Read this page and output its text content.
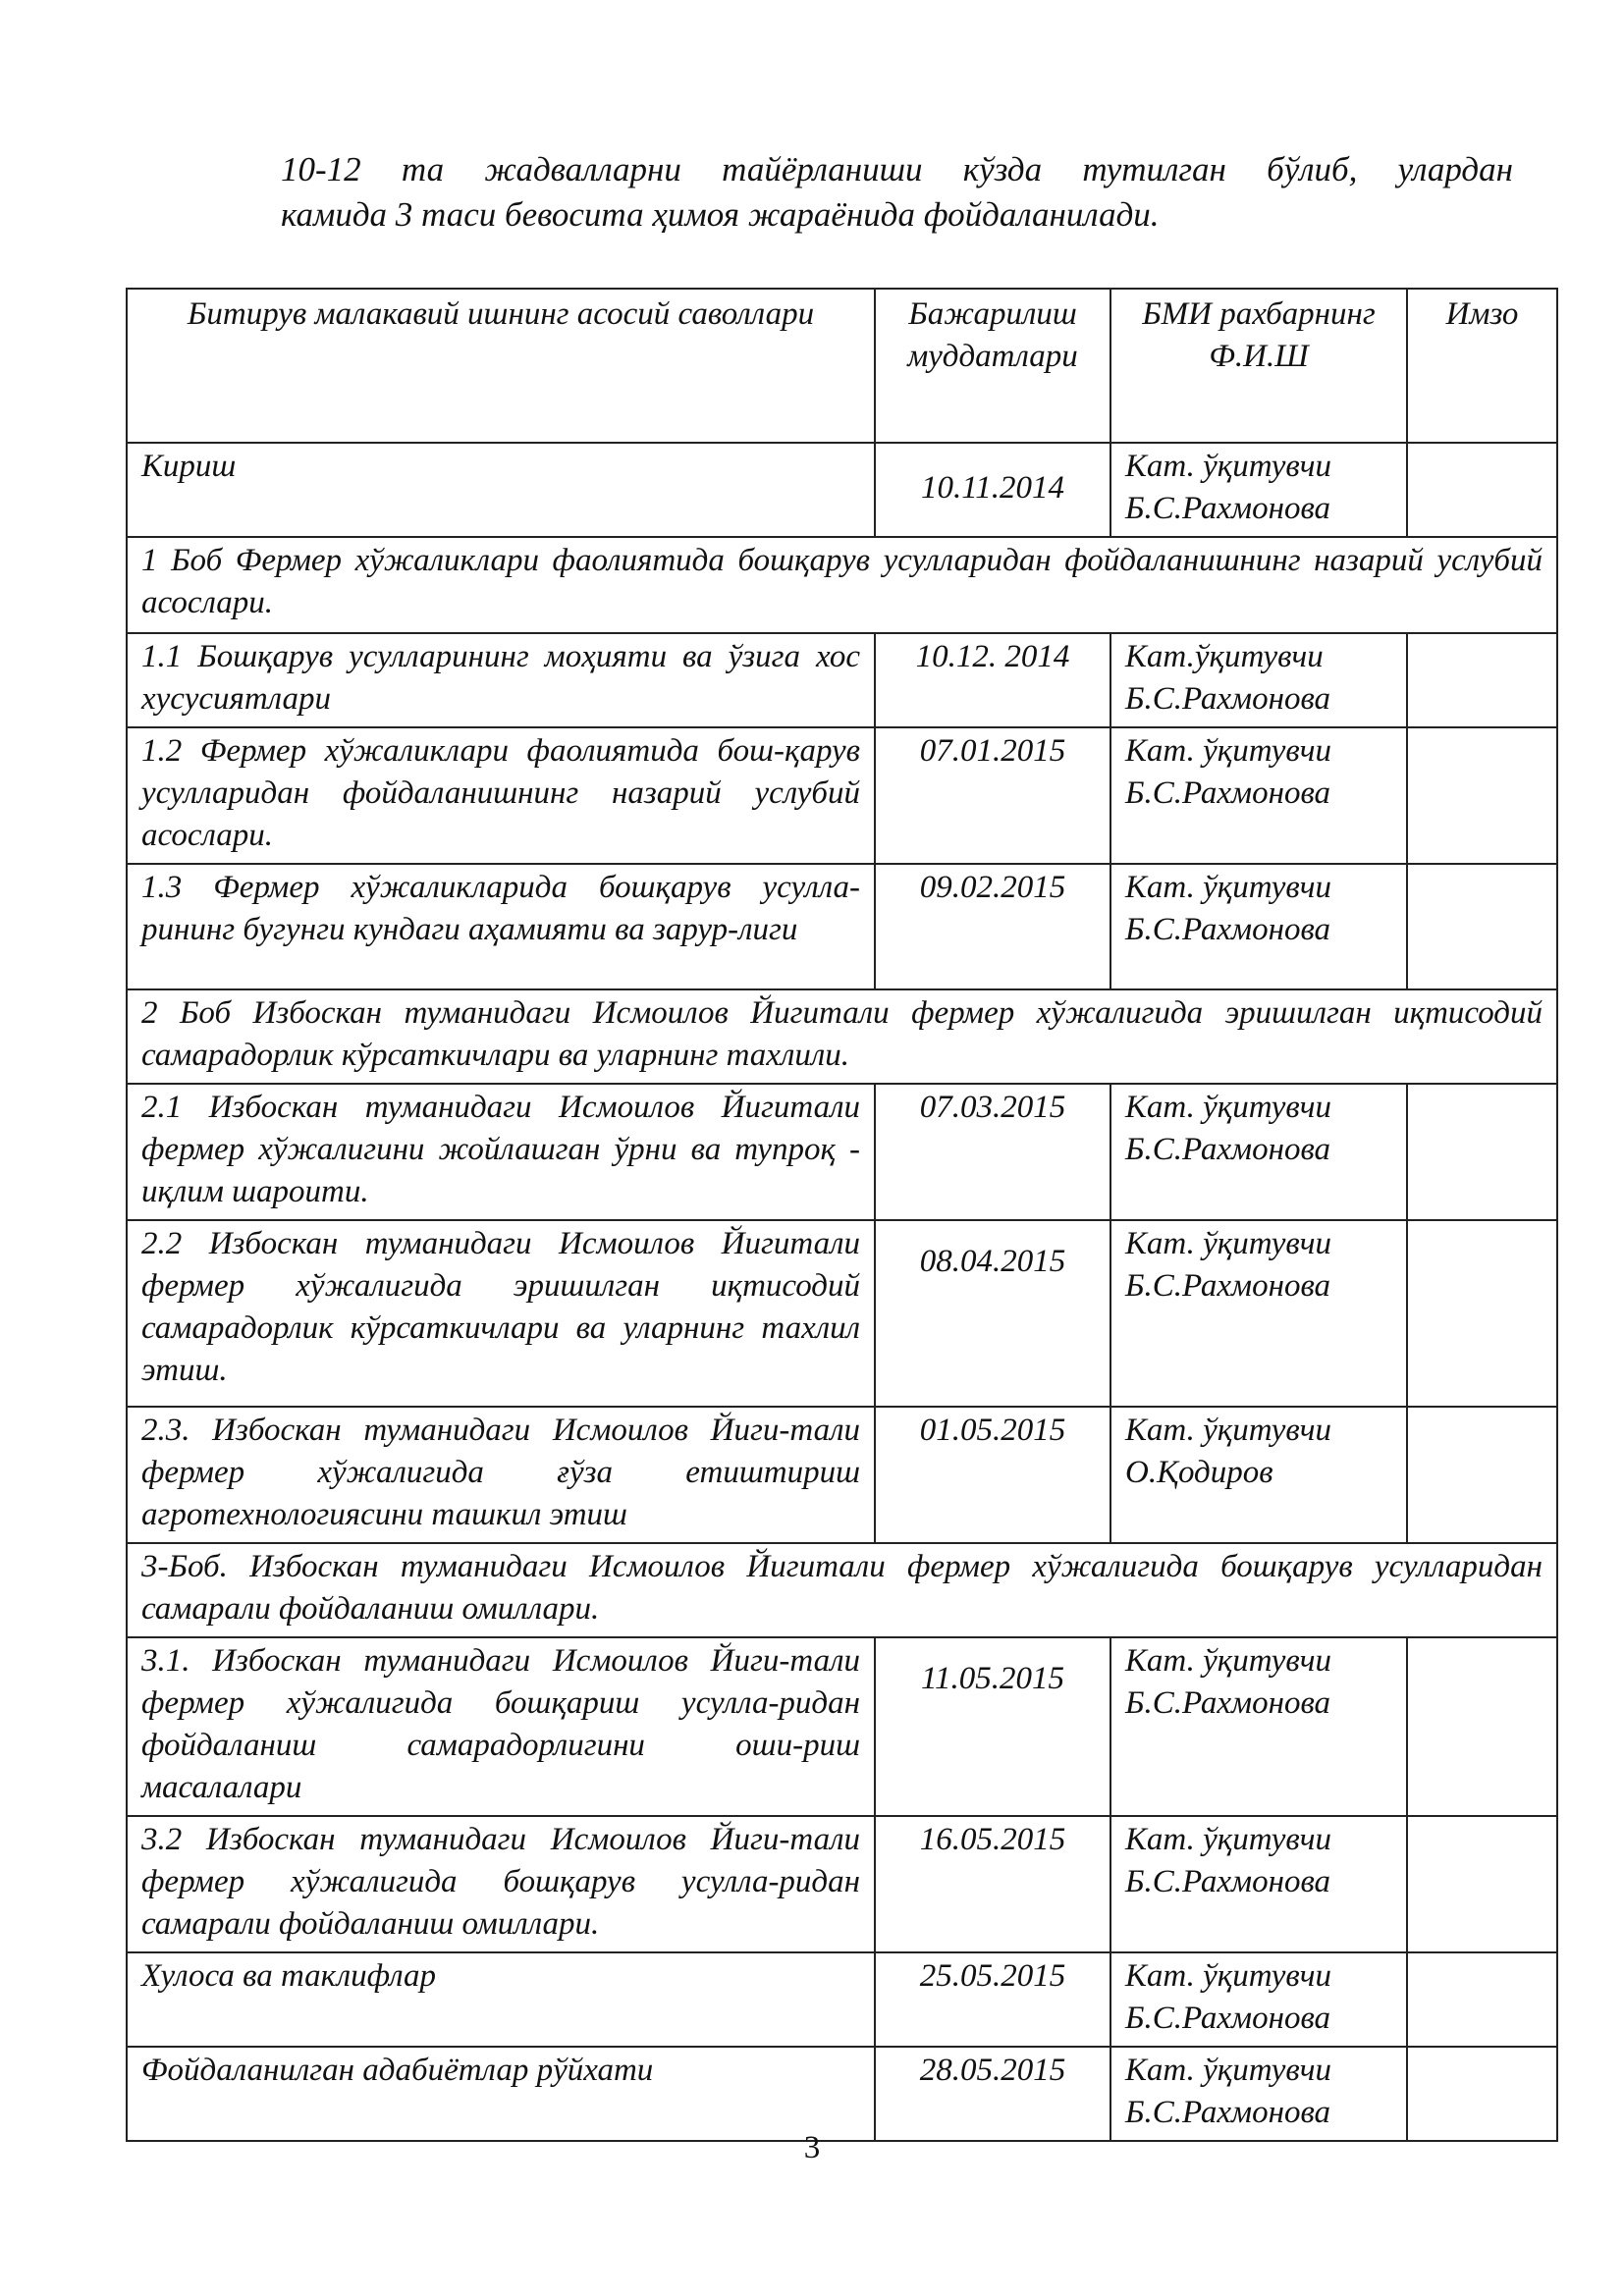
10-12 та жадвалларни тайёрланиши кўзда тутилган бўлиб, улардан

камида 3 таси бевосита ҳимоя жараёнида фойдаланилади.

Битирув малакавий ишнинг асосий саволлари	Бажарилиш муддатлари	БМИ рахбарнинг Ф.И.Ш	Имзо
Кириш	10.11.2014	Кат. ўқитувчи Б.С.Рахмонова	
1 Боб Фермер хўжаликлари фаолиятида бошқарув усулларидан фойдаланишнинг назарий услубий асослари.			
1.1 Бошқарув усулларининг моҳияти ва ўзига хос хусусиятлари	10.12. 2014	Кат.ўқитувчи Б.С.Рахмонова	
1.2 Фермер хўжаликлари фаолиятида бош-қарув усулларидан фойдаланишнинг назарий услубий асослари.	07.01.2015	Кат. ўқитувчи Б.С.Рахмонова	
1.3 Фермер хўжаликларида бошқарув усулла-рининг бугунги кундаги аҳамияти ва зарур-лиги	09.02.2015	Кат. ўқитувчи Б.С.Рахмонова	
2 Боб Избоскан туманидаги Исмоилов Йигитали фермер хўжалигида эришилган иқтисодий самарадорлик кўрсаткичлари ва уларнинг тахлили.			
2.1 Избоскан туманидаги Исмоилов Йигитали фермер хўжалигини жойлашган ўрни ва тупроқ - иқлим шароити.	07.03.2015	Кат. ўқитувчи Б.С.Рахмонова	
2.2 Избоскан туманидаги Исмоилов Йигитали фермер хўжалигида эришилган иқтисодий самарадорлик кўрсаткичлари ва уларнинг тахлил этиш.	08.04.2015	Кат. ўқитувчи Б.С.Рахмонова	
2.3. Избоскан туманидаги Исмоилов Йиги-тали фермер хўжалигида ғўза етиштириш агротехнологиясини ташкил этиш	01.05.2015	Кат. ўқитувчи О.Қодиров	
3-Боб. Избоскан туманидаги Исмоилов Йигитали фермер хўжалигида бошқарув усулларидан самарали фойдаланиш омиллари.			
3.1. Избоскан туманидаги Исмоилов Йиги-тали фермер хўжалигида бошқариш усулла-ридан фойдаланиш самарадорлигини оши-риш масалалари	11.05.2015	Кат. ўқитувчи Б.С.Рахмонова	
3.2 Избоскан туманидаги Исмоилов Йиги-тали фермер хўжалигида бошқарув усулла-ридан самарали фойдаланиш омиллари.	16.05.2015	Кат. ўқитувчи Б.С.Рахмонова	
Хулоса ва таклифлар	25.05.2015	Кат. ўқитувчи Б.С.Рахмонова	
Фойдаланилган адабиётлар рўйхати	28.05.2015	Кат. ўқитувчи Б.С.Рахмонова	
3
